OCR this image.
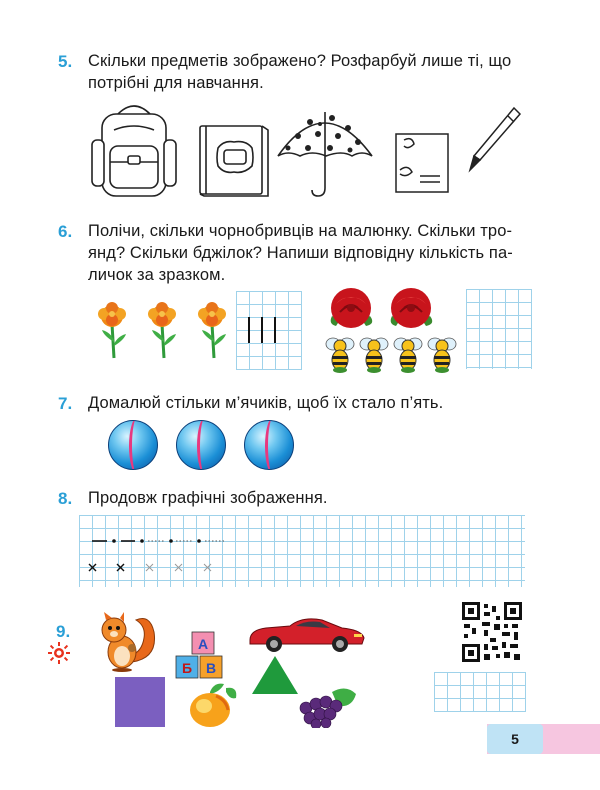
5. Скільки предметів зображено? Розфарбуй лише ті, що
потрібні для навчання.
6. Полічи, скільки чорнобривців на малюнку. Скільки тро-
янд? Скільки бджілок? Напиши відповідну кількість па-
личок за зразком.
7. Домалюй стільки м’ячиків, щоб їх стало п’ять.
8. Продовж графічні зображення.
9.
А
Б В
5
